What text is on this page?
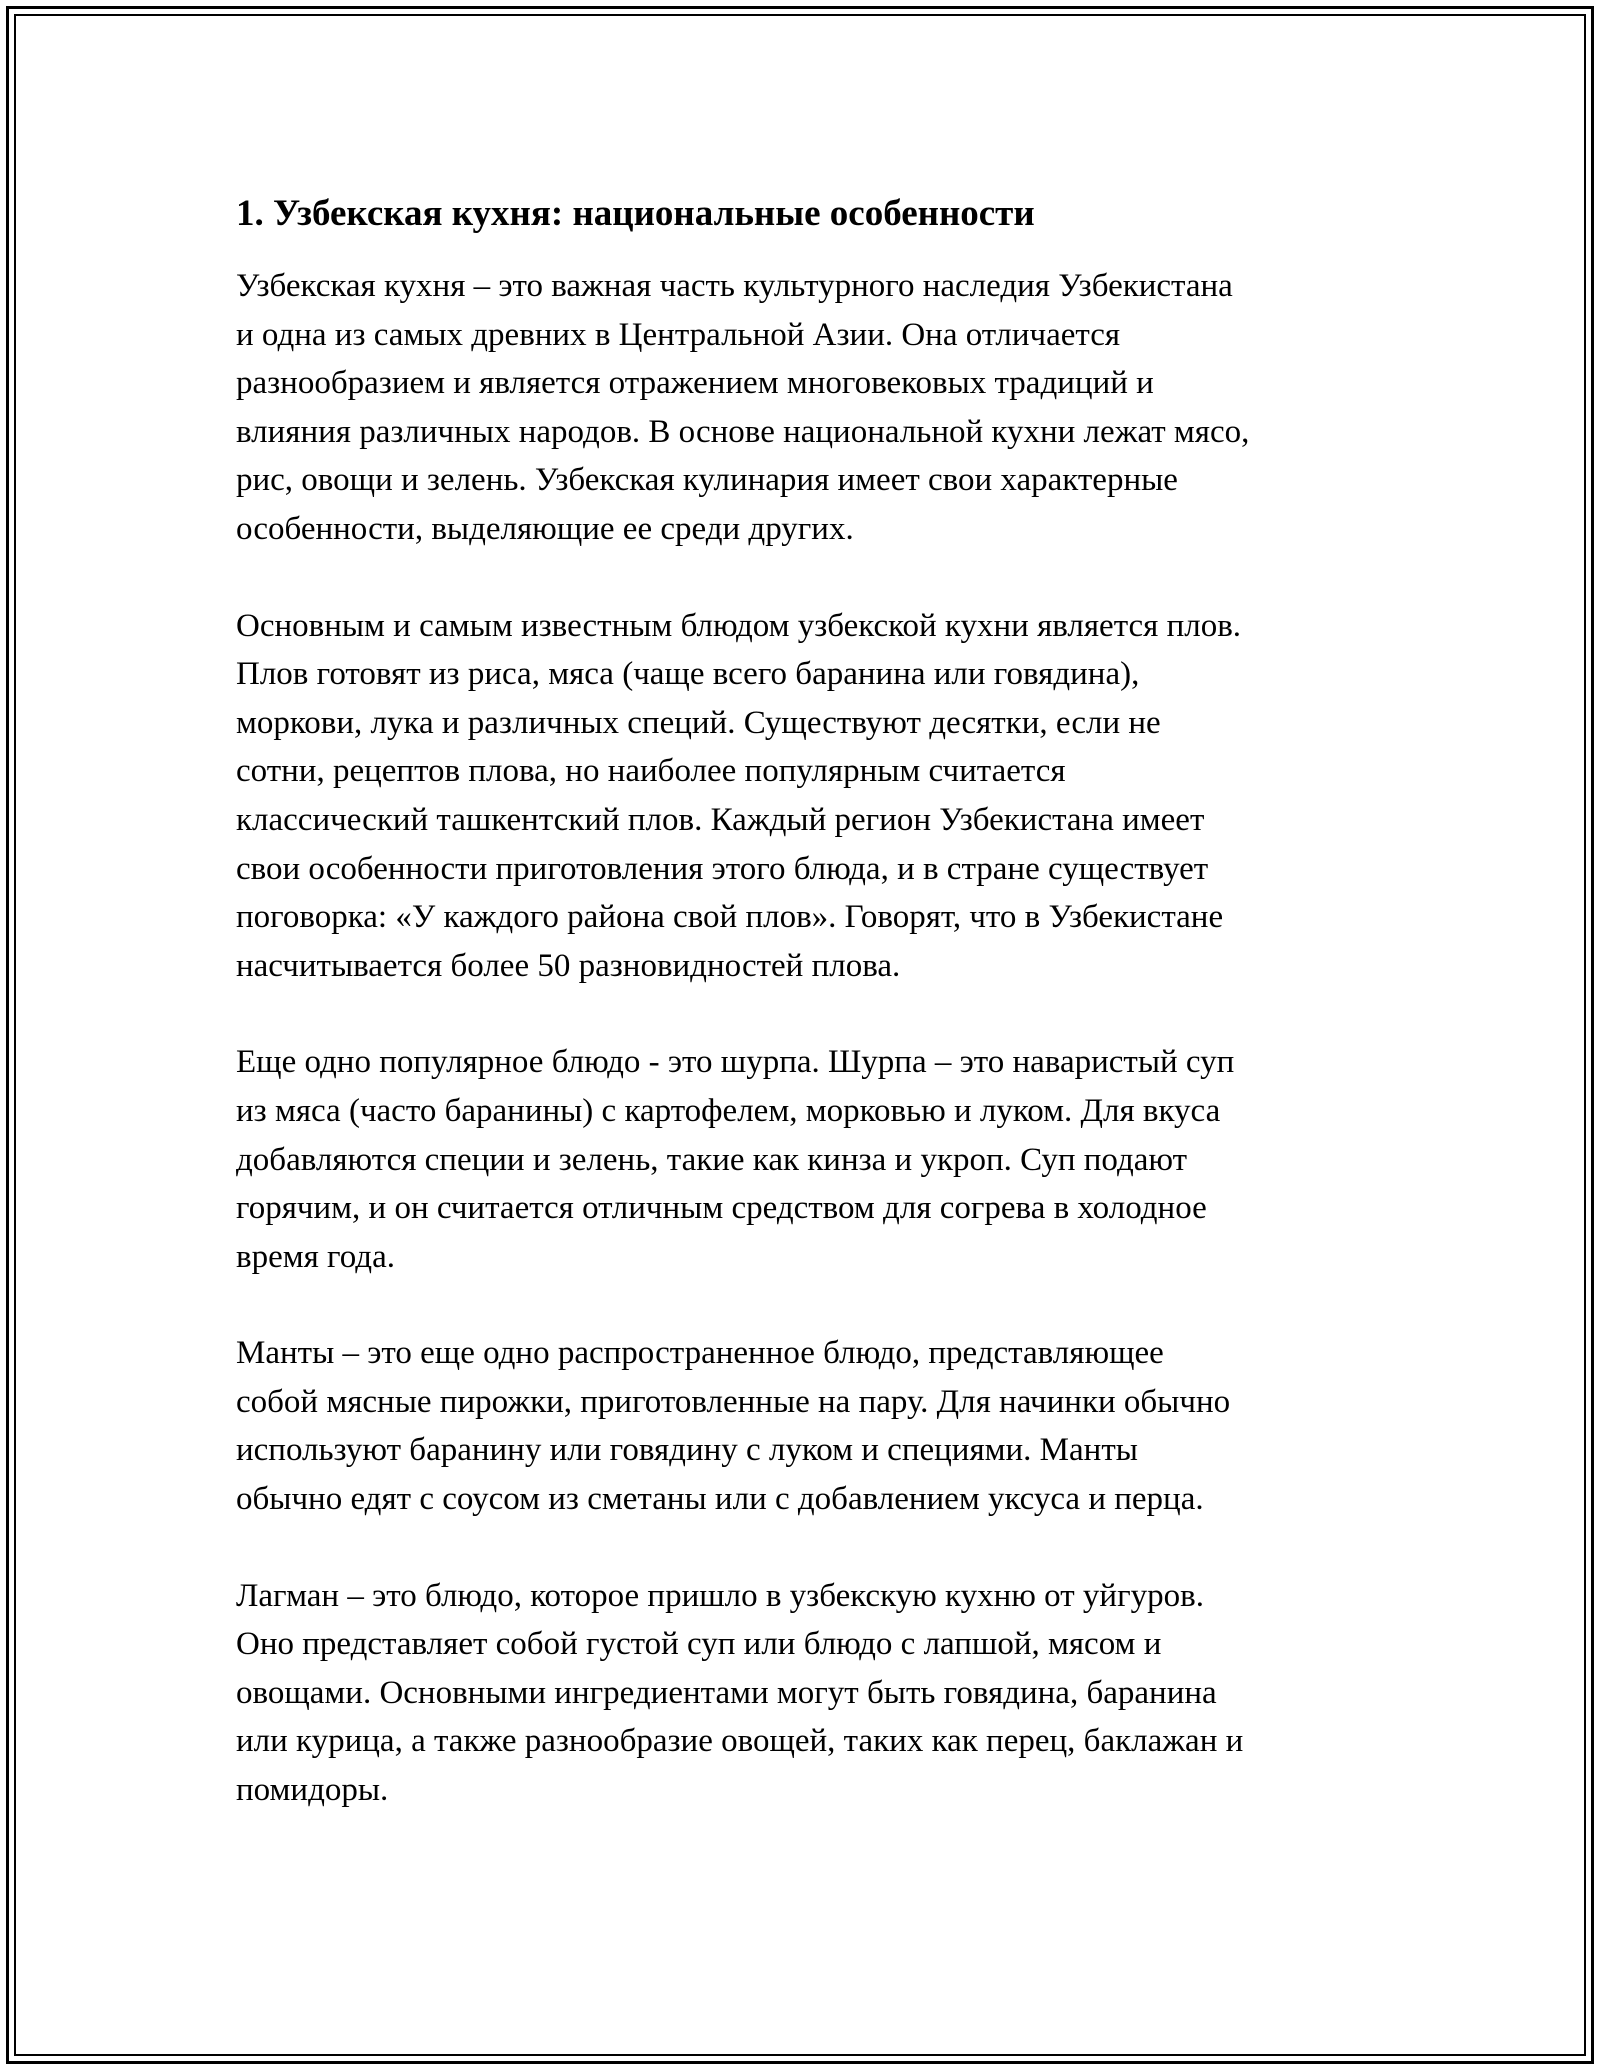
1. Узбекская кухня: национальные особенности

Узбекская кухня – это важная часть культурного наследия Узбекистана
и одна из самых древних в Центральной Азии. Она отличается
разнообразием и является отражением многовековых традиций и
влияния различных народов. В основе национальной кухни лежат мясо,
рис, овощи и зелень. Узбекская кулинария имеет свои характерные
особенности, выделяющие ее среди других.

Основным и самым известным блюдом узбекской кухни является плов.
Плов готовят из риса, мяса (чаще всего баранина или говядина),
моркови, лука и различных специй. Существуют десятки, если не
сотни, рецептов плова, но наиболее популярным считается
классический ташкентский плов. Каждый регион Узбекистана имеет
свои особенности приготовления этого блюда, и в стране существует
поговорка: «У каждого района свой плов». Говорят, что в Узбекистане
насчитывается более 50 разновидностей плова.

Еще одно популярное блюдо - это шурпа. Шурпа – это наваристый суп
из мяса (часто баранины) с картофелем, морковью и луком. Для вкуса
добавляются специи и зелень, такие как кинза и укроп. Суп подают
горячим, и он считается отличным средством для согрева в холодное
время года.

Манты – это еще одно распространенное блюдо, представляющее
собой мясные пирожки, приготовленные на пару. Для начинки обычно
используют баранину или говядину с луком и специями. Манты
обычно едят с соусом из сметаны или с добавлением уксуса и перца.

Лагман – это блюдо, которое пришло в узбекскую кухню от уйгуров.
Оно представляет собой густой суп или блюдо с лапшой, мясом и
овощами. Основными ингредиентами могут быть говядина, баранина
или курица, а также разнообразие овощей, таких как перец, баклажан и
помидоры.
